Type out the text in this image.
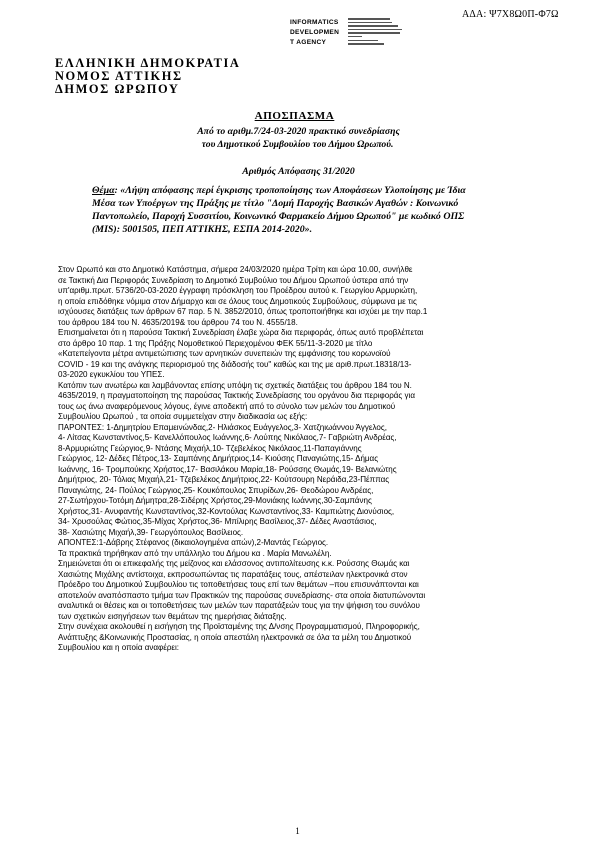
ΑΔΑ: Ψ7Χ8Ω0Π-Φ7Ω
INFORMATICS
DEVELOPMEN
T AGENCY
ΕΛΛΗΝΙΚΗ ΔΗΜΟΚΡΑΤΙΑ
ΝΟΜΟΣ ΑΤΤΙΚΗΣ
ΔΗΜΟΣ ΩΡΩΠΟΥ
ΑΠΟΣΠΑΣΜΑ
Από το αριθμ.7/24-03-2020 πρακτικό συνεδρίασης
του Δημοτικού Συμβουλίου του Δήμου Ωρωπού.
Αριθμός Απόφασης 31/2020
Θέμα: «Λήψη απόφασης περί έγκρισης τροποποίησης των Αποφάσεων Υλοποίησης με Ίδια
Μέσα των Υποέργων της Πράξης με τίτλο "Δομή Παροχής Βασικών Αγαθών : Κοινωνικό
Παντοπωλείο, Παροχή Συσσιτίου, Κοινωνικό Φαρμακείο Δήμου Ωρωπού" με κωδικό ΟΠΣ
(MIS): 5001505, ΠΕΠ ΑΤΤΙΚΗΣ, ΕΣΠΑ 2014-2020».

Στον Ωρωπό και στο Δημοτικό Κατάστημα, σήμερα 24/03/2020 ημέρα Τρίτη και ώρα 10.00, συνήλθε

σε Τακτική Δια Περιφοράς Συνεδρίαση το Δημοτικό Συμβούλιο του Δήμου Ωρωπού ύστερα από την

υπ'αριθμ.πρωτ. 5736/20-03-2020 έγγραφη πρόσκληση του Προέδρου αυτού κ. Γεωργίου Αρμυριώτη,

η οποία επιδόθηκε νόμιμα στον Δήμαρχο και σε όλους τους Δημοτικούς Συμβούλους, σύμφωνα με τις

ισχύουσες διατάξεις των άρθρων 67 παρ. 5 Ν. 3852/2010, όπως τροποποιήθηκε και ισχύει με την παρ.1

του άρθρου 184 του Ν. 4635/2019& του άρθρου 74 του Ν. 4555/18.

Επισημαίνεται ότι η παρούσα Τακτική Συνεδρίαση έλαβε χώρα δια περιφοράς, όπως αυτό προβλέπεται

στο άρθρο 10 παρ. 1 της Πράξης Νομοθετικού Περιεχομένου ΦΕΚ 55/11-3-2020 με τίτλο

«Κατεπείγοντα μέτρα αντιμετώπισης των αρνητικών συνεπειών της εμφάνισης του κορωνοϊού

COVID - 19 και της ανάγκης περιορισμού της διάδοσής του" καθώς και της με αριθ.πρωτ.18318/13-

03-2020 εγκυκλίου του ΥΠΕΣ.

Κατόπιν των ανωτέρω και λαμβάνοντας επίσης υπόψη τις σχετικές διατάξεις του άρθρου 184 του Ν.

4635/2019, η πραγματοποίηση της παρούσας Τακτικής Συνεδρίασης του οργάνου δια περιφοράς για

τους ως άνω αναφερόμενους λόγους, έγινε αποδεκτή από το σύνολο των μελών του Δημοτικού

Συμβουλίου Ωρωπού , τα οποία συμμετείχαν στην διαδικασία ως εξής:

ΠΑΡΟΝΤΕΣ: 1-Δημητρίου Επαμεινώνδας,2- Ηλιάσκος Ευάγγελος,3- Χατζηιωάννου Άγγελος,

4- Λίτσας Κωνσταντίνος,5- Κανελλόπουλος Ιωάννης,6- Λούπης Νικόλαος,7- Γαβριώτη Ανδρέας,

8-Αρμυριώτης Γεώργιος,9- Ντάσης Μιχαήλ,10- Τζεβελέκος Νικόλαος,11-Παπαγιάννης

Γεώργιος, 12- Δέδες Πέτρος,13- Σαμπάνης Δημήτριος,14- Κιούσης Παναγιώτης,15- Δήμας

Ιωάννης, 16- Τρομπούκης Χρήστος,17- Βασιλάκου Μαρία,18- Ρούσσης Θωμάς,19- Βελανιώτης

Δημήτριος, 20- Τόλιας Μιχαήλ,21- Τζεβελέκος Δημήτριος,22- Κούτσουρη Νεράιδα,23-Πέππας

Παναγιώτης, 24- Πούλος Γεώργιος,25- Κουκόπουλος Σπυρίδων,26- Θεοδώρου Ανδρέας,

27-Σωτήρχου-Τοτόμη Δήμητρα,28-Σιδέρης Χρήστος,29-Μονιάκης Ιωάννης,30-Σαμπάνης

Χρήστος,31- Ανυφαντής Κωνσταντίνος,32-Κοντούλας Κωνσταντίνος,33- Καμπιώτης Διονύσιος,

34- Χρυσούλας Φώτιος,35-Μίχας Χρήστος,36- Μπίλιρης Βασίλειος,37- Δέδες Αναστάσιος,

38- Χασιώτης Μιχαήλ,39- Γεωργόπουλος Βασίλειος.

ΑΠΟΝΤΕΣ:1-Δάβρης Στέφανος (δικαιολογημένα απών),2-Μαντάς Γεώργιος.

Τα πρακτικά τηρήθηκαν από την υπάλληλο του Δήμου κα . Μαρία Μανωλέλη.

Σημειώνεται ότι οι επικεφαλής της μείζονος και ελάσσονος αντιπολίτευσης κ.κ. Ρούσσης Θωμάς και

Χασιώτης Μιχάλης αντίστοιχα, εκπροσωπώντας τις παρατάξεις τους, απέστειλαν ηλεκτρονικά στον

Πρόεδρο του Δημοτικού Συμβουλίου τις τοποθετήσεις τους επί των θεμάτων –που επισυνάπτονται και

αποτελούν αναπόσπαστο τμήμα των Πρακτικών της παρούσας συνεδρίασης- στα οποία διατυπώνονται

αναλυτικά οι θέσεις και οι τοποθετήσεις των μελών των παρατάξεών τους για την ψήφιση του συνόλου

των σχετικών εισηγήσεων των θεμάτων της ημερήσιας διάταξης.

Στην συνέχεια ακολουθεί η εισήγηση της Προϊσταμένης της Δ/νσης Προγραμματισμού, Πληροφορικής,

Ανάπτυξης &Κοινωνικής Προστασίας, η οποία απεστάλη ηλεκτρονικά σε όλα τα μέλη του Δημοτικού

Συμβουλίου και η οποία αναφέρει:

1
